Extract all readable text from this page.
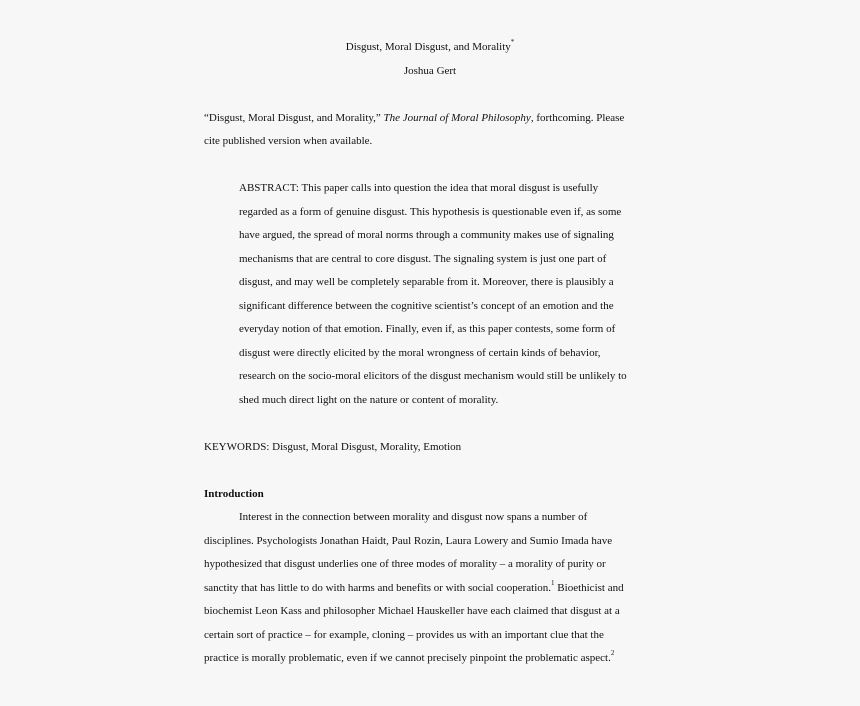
Disgust, Moral Disgust, and Morality*
Joshua Gert
“Disgust, Moral Disgust, and Morality,” The Journal of Moral Philosophy, forthcoming. Please
cite published version when available.
ABSTRACT: This paper calls into question the idea that moral disgust is usefully
regarded as a form of genuine disgust. This hypothesis is questionable even if, as some
have argued, the spread of moral norms through a community makes use of signaling
mechanisms that are central to core disgust. The signaling system is just one part of
disgust, and may well be completely separable from it. Moreover, there is plausibly a
significant difference between the cognitive scientist’s concept of an emotion and the
everyday notion of that emotion. Finally, even if, as this paper contests, some form of
disgust were directly elicited by the moral wrongness of certain kinds of behavior,
research on the socio-moral elicitors of the disgust mechanism would still be unlikely to
shed much direct light on the nature or content of morality.
KEYWORDS: Disgust, Moral Disgust, Morality, Emotion
Introduction
Interest in the connection between morality and disgust now spans a number of
disciplines. Psychologists Jonathan Haidt, Paul Rozin, Laura Lowery and Sumio Imada have
hypothesized that disgust underlies one of three modes of morality – a morality of purity or
sanctity that has little to do with harms and benefits or with social cooperation.$^1$ Bioethicist and
biochemist Leon Kass and philosopher Michael Hauskeller have each claimed that disgust at a
certain sort of practice – for example, cloning – provides us with an important clue that the
practice is morally problematic, even if we cannot precisely pinpoint the problematic aspect.$^2$
